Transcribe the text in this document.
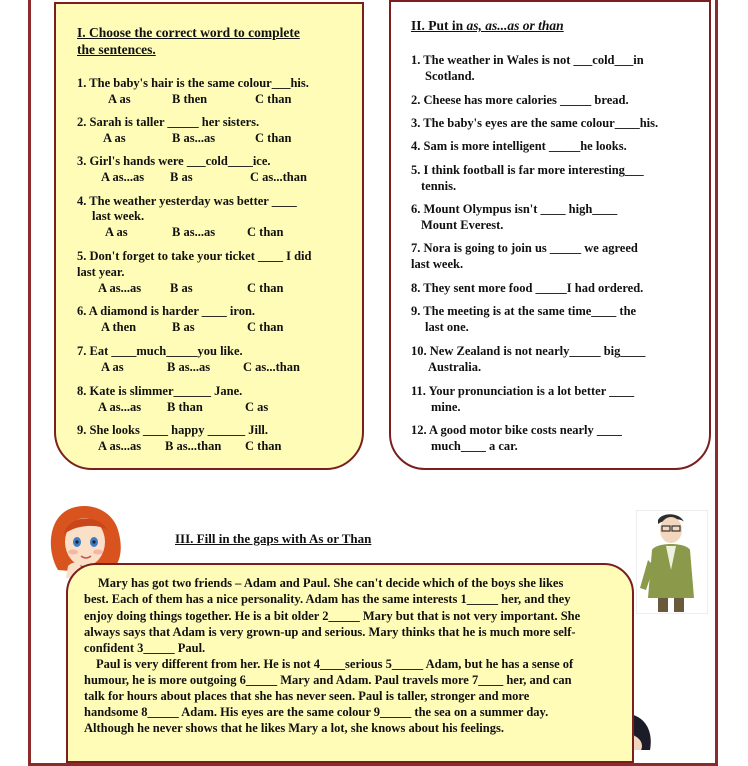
I. Choose the correct word to complete
the sentences.
1. The baby's hair is the same colour___his.
A as	B then	C than
2. Sarah is taller _____ her sisters.
A as	B as...as	C than
3. Girl's hands were ___cold____ice.
A as...as B as	C as...than
4. The weather yesterday was better ____
last week.
A as	B as...as	C than
5. Don't forget to take your ticket ____ I did
last year.
A as...as B as	C than
6. A diamond is harder ____ iron.
A then	B as	C than
7. Eat ____much_____you like.
A as	B as...as	C as...than
8. Kate is slimmer______ Jane.
A as...as B than	C as
9. She looks ____ happy ______ Jill.
A as...as B as...than C than
II. Put in as, as...as or than
1. The weather in Wales is not ___cold___in
Scotland.
2. Cheese has more calories _____ bread.
3. The baby's eyes are the same colour____his.
4. Sam is more intelligent _____he looks.
5. I think football is far more interesting___
tennis.
6. Mount Olympus isn't ____ high____
Mount Everest.
7. Nora is going to join us _____ we agreed
last week.
8. They sent more food _____I had ordered.
9. The meeting is at the same time____ the
last one.
10. New Zealand is not nearly_____ big____
Australia.
11. Your pronunciation is a lot better ____
mine.
12. A good motor bike costs nearly ____
much____ a car.
III. Fill in the gaps with As or Than
Mary has got two friends – Adam and Paul. She can't decide which of the boys she likes
best. Each of them has a nice personality. Adam has the same interests 1_____ her, and they
enjoy doing things together. He is a bit older 2_____ Mary but that is not very important. She
always says that Adam is very grown-up and serious. Mary thinks that he is much more self-
confident 3_____ Paul.
Paul is very different from her. He is not 4____serious 5_____ Adam, but he has a sense of
humour, he is more outgoing 6_____ Mary and Adam. Paul travels more 7____ her, and can
talk for hours about places that she has never seen. Paul is taller, stronger and more
handsome 8_____ Adam. His eyes are the same colour 9_____ the sea on a summer day.
Although he never shows that he likes Mary a lot, she knows about his feelings.
